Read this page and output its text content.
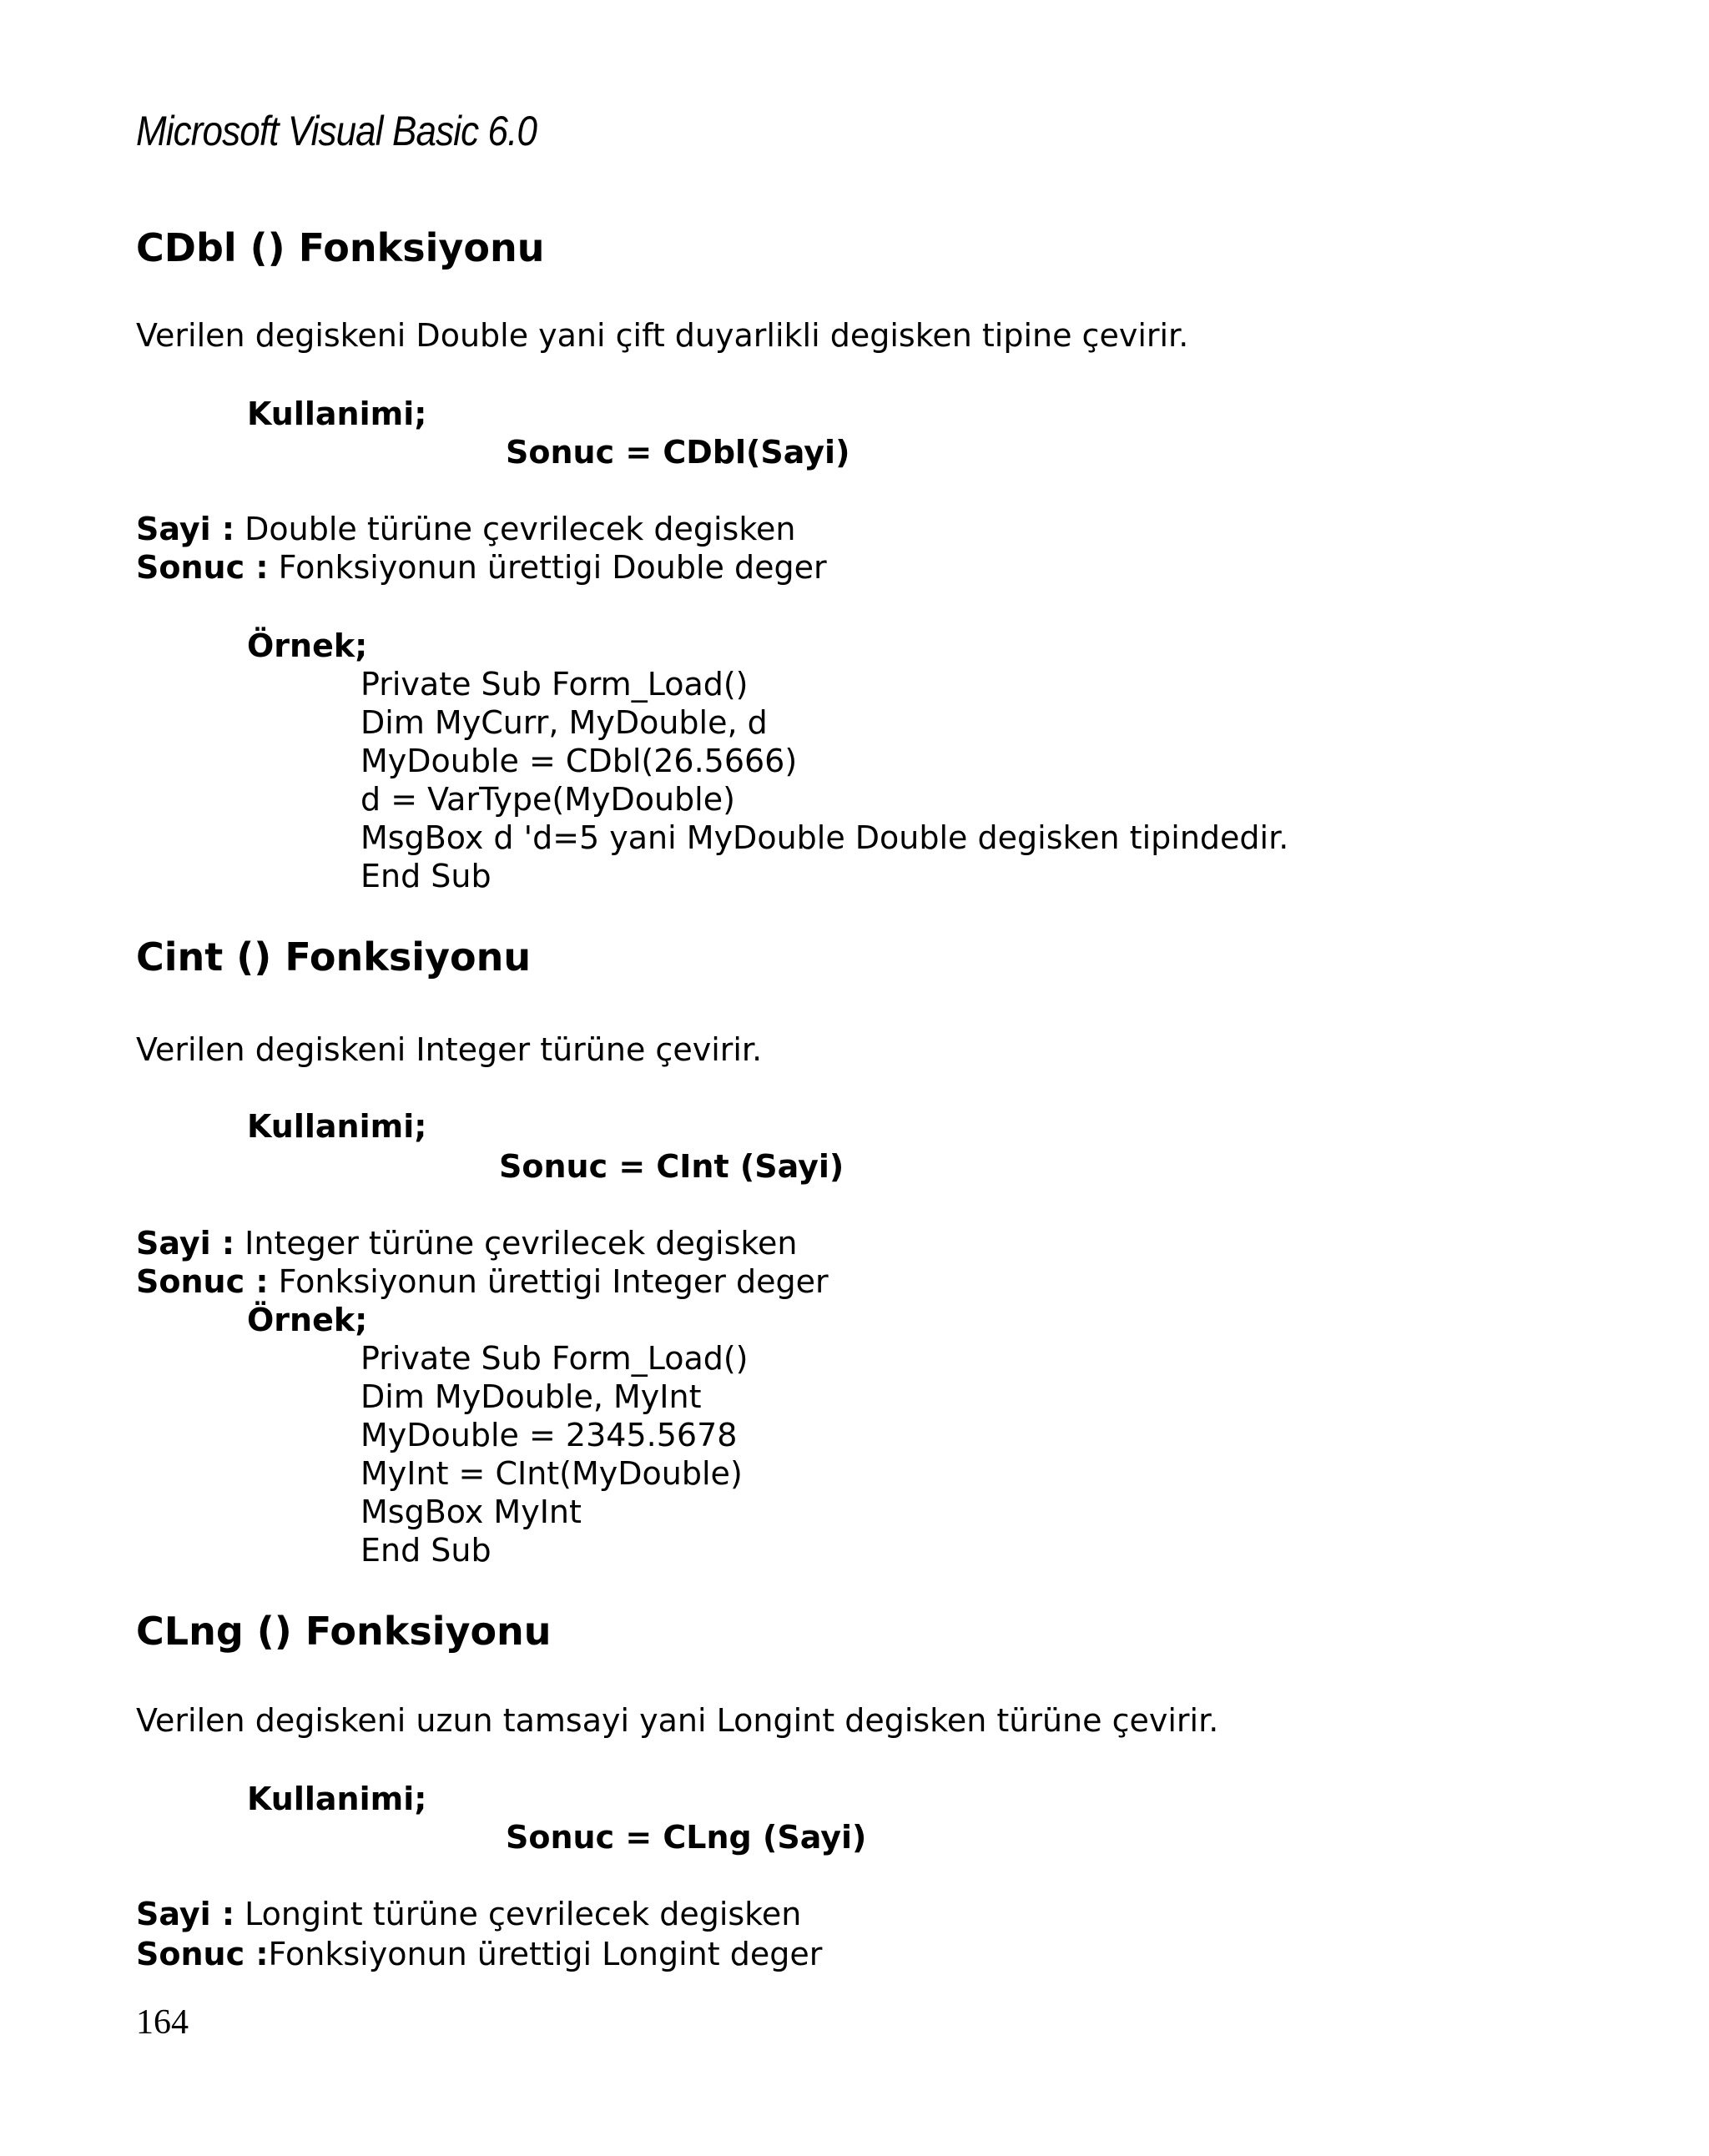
Microsoft Visual Basic 6.0
CDbl () Fonksiyonu
Verilen degiskeni Double yani çift duyarlikli degisken tipine çevirir.
Kullanimi;
Sonuc = CDbl(Sayi)
Sayi : Double türüne çevrilecek degisken
Sonuc : Fonksiyonun ürettigi Double deger
Örnek;
Private Sub Form_Load()
Dim MyCurr, MyDouble, d
MyDouble = CDbl(26.5666)
d = VarType(MyDouble)
MsgBox d 'd=5 yani MyDouble Double degisken tipindedir.
End Sub
Cint () Fonksiyonu
Verilen degiskeni Integer türüne çevirir.
Kullanimi;
Sonuc = CInt (Sayi)
Sayi : Integer türüne çevrilecek degisken
Sonuc : Fonksiyonun ürettigi Integer deger
Örnek;
Private Sub Form_Load()
Dim MyDouble, MyInt
MyDouble = 2345.5678
MyInt = CInt(MyDouble)
MsgBox MyInt
End Sub
CLng () Fonksiyonu
Verilen degiskeni uzun tamsayi yani Longint degisken türüne çevirir.
Kullanimi;
Sonuc = CLng (Sayi)
Sayi : Longint türüne çevrilecek degisken
Sonuc :Fonksiyonun ürettigi Longint deger
164
